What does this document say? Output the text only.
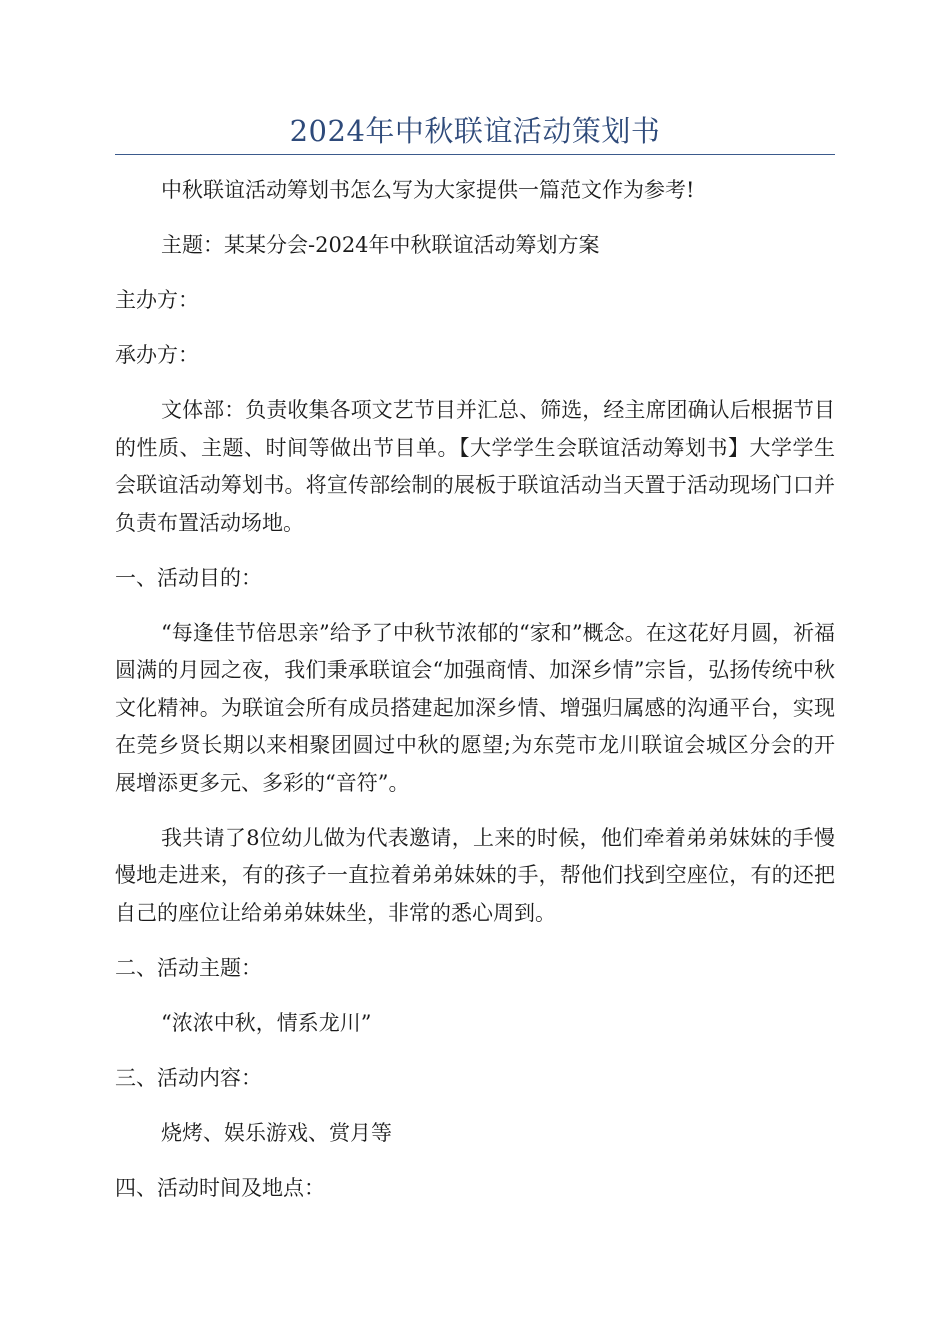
2024年中秋联谊活动策划书

中秋联谊活动筹划书怎么写为大家提供一篇范文作为参考!

主题：某某分会-2024年中秋联谊活动筹划方案

主办方：

承办方：

文体部：负责收集各项文艺节目并汇总、筛选，经主席团确认后根据节目的性质、主题、时间等做出节目单。【大学学生会联谊活动筹划书】大学学生会联谊活动筹划书。将宣传部绘制的展板于联谊活动当天置于活动现场门口并负责布置活动场地。

一、活动目的：

“每逢佳节倍思亲”给予了中秋节浓郁的“家和”概念。在这花好月圆，祈福圆满的月园之夜，我们秉承联谊会“加强商情、加深乡情”宗旨，弘扬传统中秋文化精神。为联谊会所有成员搭建起加深乡情、增强归属感的沟通平台，实现在莞乡贤长期以来相聚团圆过中秋的愿望;为东莞市龙川联谊会城区分会的开展增添更多元、多彩的“音符”。

我共请了8位幼儿做为代表邀请，上来的时候，他们牵着弟弟妹妹的手慢慢地走进来，有的孩子一直拉着弟弟妹妹的手，帮他们找到空座位，有的还把自己的座位让给弟弟妹妹坐，非常的悉心周到。

二、活动主题：

“浓浓中秋，情系龙川”

三、活动内容：

烧烤、娱乐游戏、赏月等

四、活动时间及地点：
